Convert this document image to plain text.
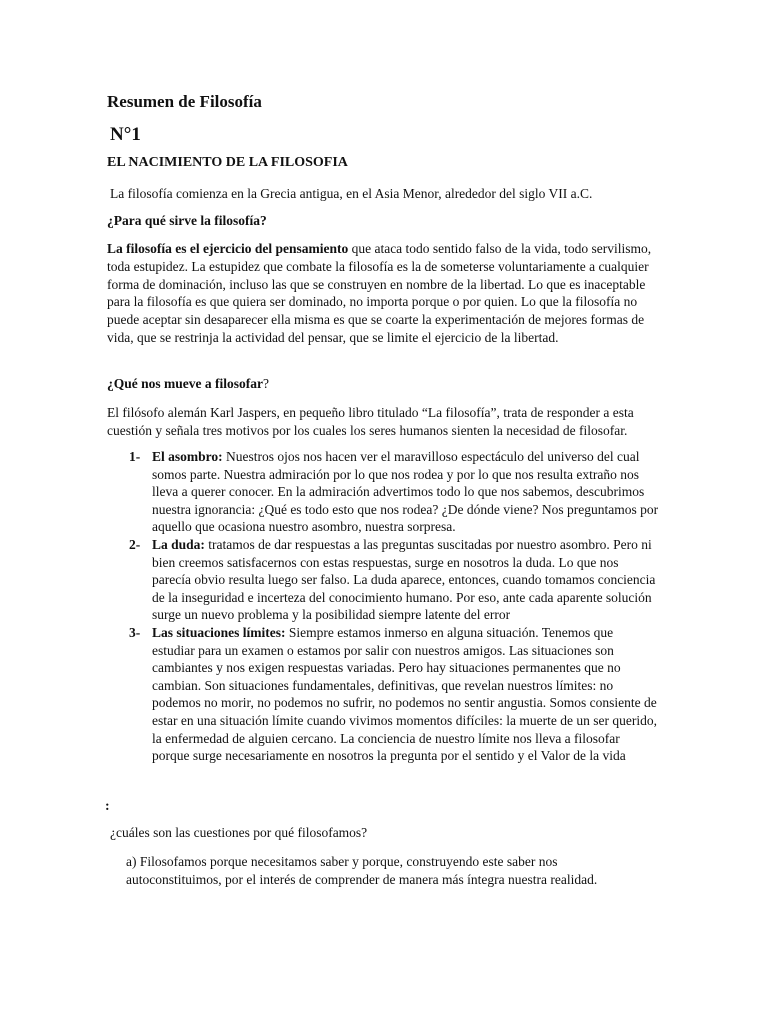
Resumen de Filosofía
N°1
EL NACIMIENTO DE LA FILOSOFIA
La filosofía comienza en la Grecia antigua, en el Asia Menor, alrededor del siglo VII a.C.
¿Para qué sirve la filosofía?
La filosofía es el ejercicio del pensamiento que ataca todo sentido falso de la vida, todo servilismo, toda estupidez. La estupidez que combate la filosofía es la de someterse voluntariamente a cualquier forma de dominación, incluso las que se construyen en nombre de la libertad. Lo que es inaceptable para la filosofía es que quiera ser dominado, no importa porque o por quien. Lo que la filosofía no puede aceptar sin desaparecer ella misma es que se coarte la experimentación de mejores formas de vida, que se restrinja la actividad del pensar, que se limite el ejercicio de la libertad.
¿Qué nos mueve a filosofar?
El filósofo alemán Karl Jaspers, en pequeño libro titulado “La filosofía”, trata de responder a esta cuestión y señala tres motivos por los cuales los seres humanos sienten la necesidad de filosofar.
1- El asombro: Nuestros ojos nos hacen ver el maravilloso espectáculo del universo del cual somos parte. Nuestra admiración por lo que nos rodea y por lo que nos resulta extraño nos lleva a querer conocer. En la admiración advertimos todo lo que nos sabemos, descubrimos nuestra ignorancia: ¿Qué es todo esto que nos rodea? ¿De dónde viene? Nos preguntamos por aquello que ocasiona nuestro asombro, nuestra sorpresa.
2- La duda: tratamos de dar respuestas a las preguntas suscitadas por nuestro asombro. Pero ni bien creemos satisfacernos con estas respuestas, surge en nosotros la duda. Lo que nos parecía obvio resulta luego ser falso. La duda aparece, entonces, cuando tomamos conciencia de la inseguridad e incerteza del conocimiento humano. Por eso, ante cada aparente solución surge un nuevo problema y la posibilidad siempre latente del error
3- Las situaciones límites: Siempre estamos inmerso en alguna situación. Tenemos que estudiar para un examen o estamos por salir con nuestros amigos. Las situaciones son cambiantes y nos exigen respuestas variadas. Pero hay situaciones permanentes que no cambian. Son situaciones fundamentales, definitivas, que revelan nuestros límites: no podemos no morir, no podemos no sufrir, no podemos no sentir angustia. Somos consiente de estar en una situación límite cuando vivimos momentos difíciles: la muerte de un ser querido, la enfermedad de alguien cercano. La conciencia de nuestro límite nos lleva a filosofar porque surge necesariamente en nosotros la pregunta por el sentido y el Valor de la vida
:
¿cuáles son las cuestiones por qué filosofamos?
a) Filosofamos porque necesitamos saber y porque, construyendo este saber nos autoconstituimos, por el interés de comprender de manera más íntegra nuestra realidad.
